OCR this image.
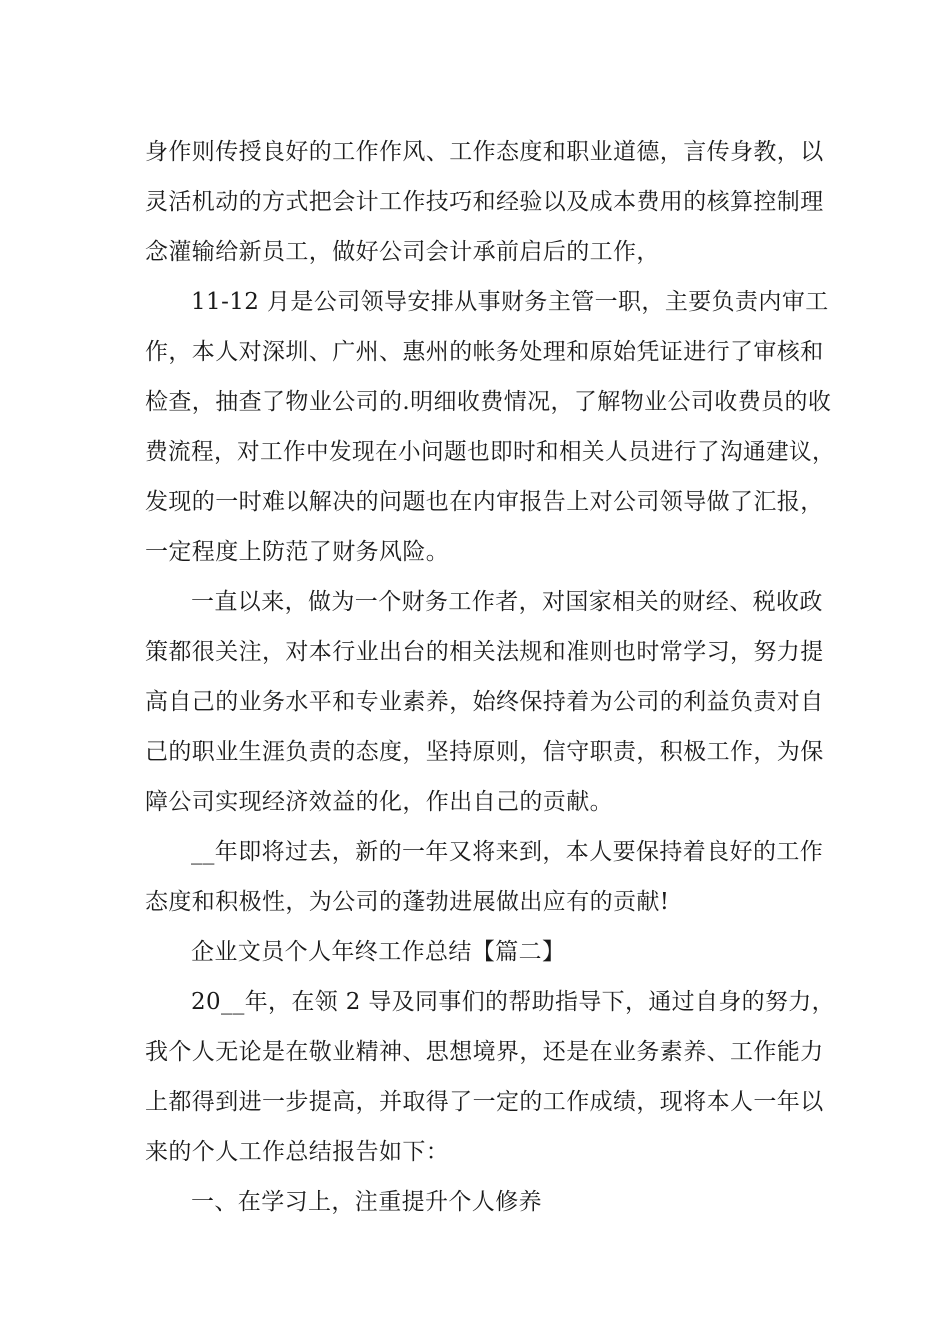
身作则传授良好的工作作风、工作态度和职业道德，言传身教，以
灵活机动的方式把会计工作技巧和经验以及成本费用的核算控制理
念灌输给新员工，做好公司会计承前启后的工作，
11-12 月是公司领导安排从事财务主管一职，主要负责内审工
作，本人对深圳、广州、惠州的帐务处理和原始凭证进行了审核和
检查，抽查了物业公司的.明细收费情况，了解物业公司收费员的收
费流程，对工作中发现在小问题也即时和相关人员进行了沟通建议，
发现的一时难以解决的问题也在内审报告上对公司领导做了汇报，
一定程度上防范了财务风险。
一直以来，做为一个财务工作者，对国家相关的财经、税收政
策都很关注，对本行业出台的相关法规和准则也时常学习，努力提
高自己的业务水平和专业素养，始终保持着为公司的利益负责对自
己的职业生涯负责的态度，坚持原则，信守职责，积极工作，为保
障公司实现经济效益的化，作出自己的贡献。
__年即将过去，新的一年又将来到，本人要保持着良好的工作
态度和积极性，为公司的蓬勃进展做出应有的贡献!
企业文员个人年终工作总结【篇二】
20__年，在领 2 导及同事们的帮助指导下，通过自身的努力，
我个人无论是在敬业精神、思想境界，还是在业务素养、工作能力
上都得到进一步提高，并取得了一定的工作成绩，现将本人一年以
来的个人工作总结报告如下：
一、在学习上，注重提升个人修养
